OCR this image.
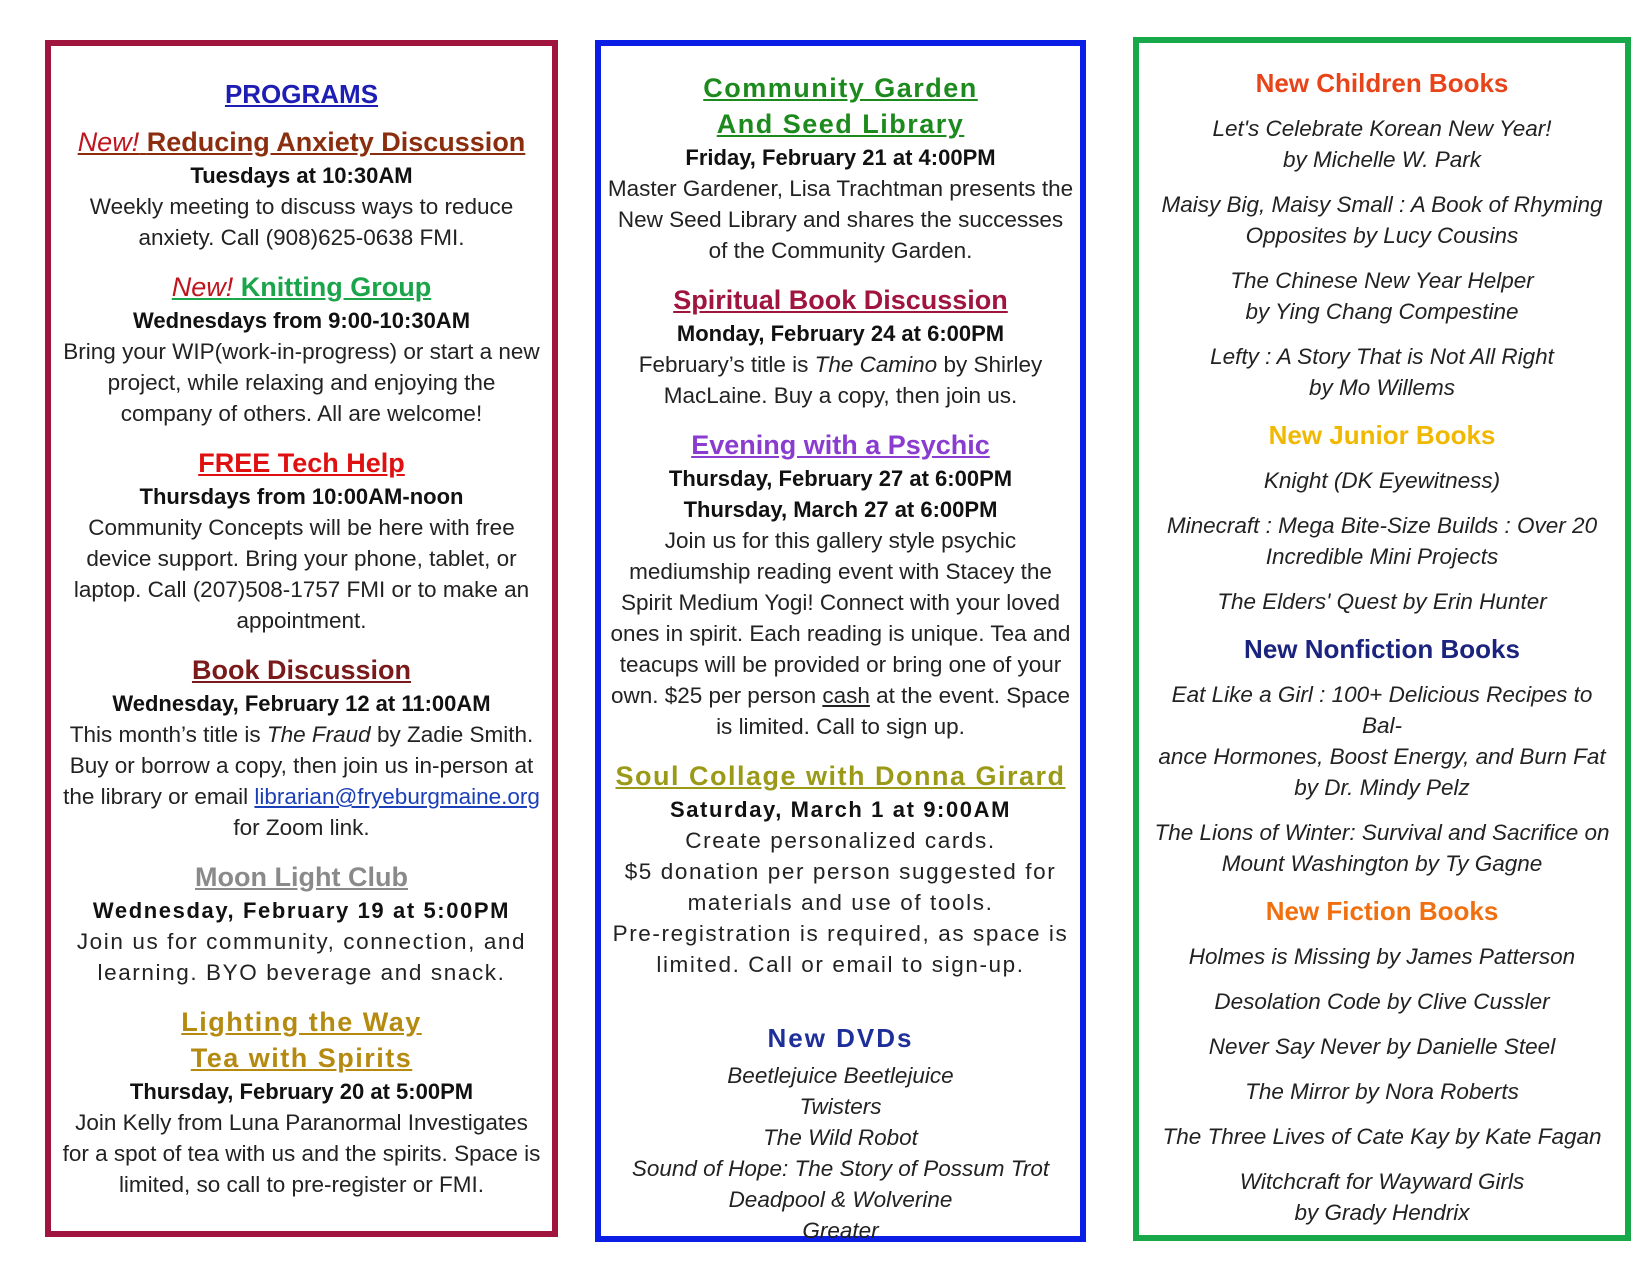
PROGRAMS
New! Reducing Anxiety Discussion
Tuesdays at 10:30AM
Weekly meeting to discuss ways to reduce anxiety. Call (908)625-0638 FMI.
New! Knitting Group
Wednesdays from 9:00-10:30AM
Bring your WIP(work-in-progress) or start a new project, while relaxing and enjoying the company of others. All are welcome!
FREE Tech Help
Thursdays from 10:00AM-noon
Community Concepts will be here with free device support. Bring your phone, tablet, or laptop. Call (207)508-1757 FMI or to make an appointment.
Book Discussion
Wednesday, February 12 at 11:00AM
This month’s title is The Fraud by Zadie Smith. Buy or borrow a copy, then join us in-person at the library or email librarian@fryeburgmaine.org for Zoom link.
Moon Light Club
Wednesday, February 19 at 5:00PM
Join us for community, connection, and learning. BYO beverage and snack.
Lighting the Way
Tea with Spirits
Thursday, February 20 at 5:00PM
Join Kelly from Luna Paranormal Investigates for a spot of tea with us and the spirits. Space is limited, so call to pre-register or FMI.
Community Garden
And Seed Library
Friday, February 21 at 4:00PM
Master Gardener, Lisa Trachtman presents the New Seed Library and shares the successes of the Community Garden.
Spiritual Book Discussion
Monday, February 24 at 6:00PM
February’s title is The Camino by Shirley MacLaine. Buy a copy, then join us.
Evening with a Psychic
Thursday, February 27 at 6:00PM
Thursday, March 27 at 6:00PM
Join us for this gallery style psychic mediumship reading event with Stacey the Spirit Medium Yogi! Connect with your loved ones in spirit. Each reading is unique. Tea and teacups will be provided or bring one of your own. $25 per person cash at the event. Space is limited. Call to sign up.
Soul Collage with Donna Girard
Saturday, March 1 at 9:00AM
Create personalized cards.
$5 donation per person suggested for materials and use of tools.
Pre-registration is required, as space is limited. Call or email to sign-up.
New DVDs
Beetlejuice Beetlejuice
Twisters
The Wild Robot
Sound of Hope: The Story of Possum Trot
Deadpool & Wolverine
Greater
New Children Books
Let's Celebrate Korean New Year!
by Michelle W. Park
Maisy Big, Maisy Small : A Book of Rhyming
Opposites by Lucy Cousins
The Chinese New Year Helper
by Ying Chang Compestine
Lefty : A Story That is Not All Right
by Mo Willems
New Junior Books
Knight (DK Eyewitness)
Minecraft : Mega Bite-Size Builds : Over 20
Incredible Mini Projects
The Elders' Quest by Erin Hunter
New Nonfiction Books
Eat Like a Girl : 100+ Delicious Recipes to Bal-
ance Hormones, Boost Energy, and Burn Fat
by Dr. Mindy Pelz
The Lions of Winter: Survival and Sacrifice on
Mount Washington by Ty Gagne
New Fiction Books
Holmes is Missing by James Patterson
Desolation Code by Clive Cussler
Never Say Never by Danielle Steel
The Mirror by Nora Roberts
The Three Lives of Cate Kay by Kate Fagan
Witchcraft for Wayward Girls
by Grady Hendrix
